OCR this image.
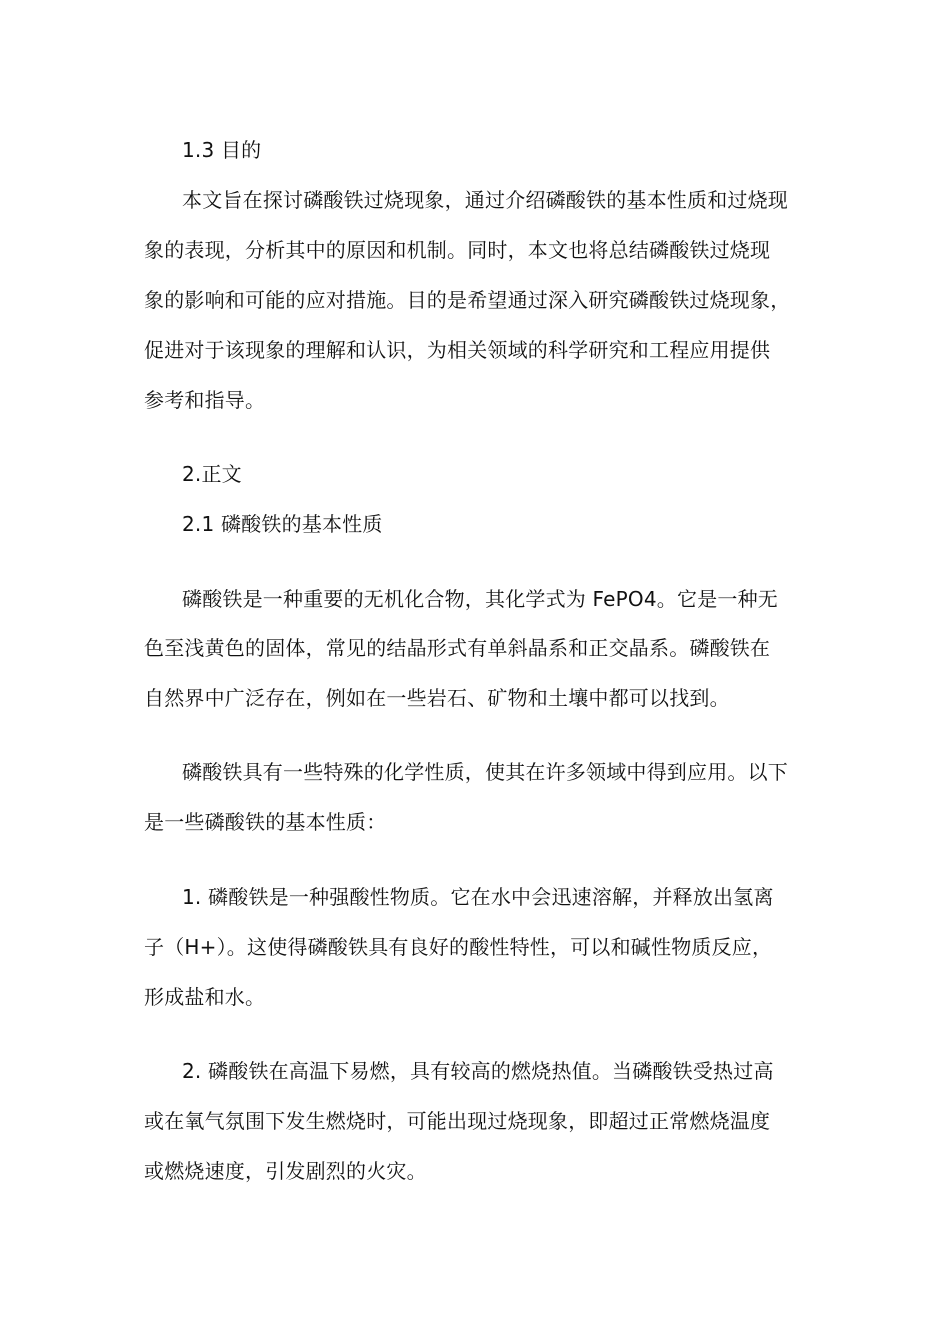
1.3 目的
本文旨在探讨磷酸铁过烧现象，通过介绍磷酸铁的基本性质和过烧现
象的表现，分析其中的原因和机制。同时，本文也将总结磷酸铁过烧现
象的影响和可能的应对措施。目的是希望通过深入研究磷酸铁过烧现象，
促进对于该现象的理解和认识，为相关领域的科学研究和工程应用提供
参考和指导。
2.正文
2.1 磷酸铁的基本性质
磷酸铁是一种重要的无机化合物，其化学式为 FePO4。它是一种无
色至浅黄色的固体，常见的结晶形式有单斜晶系和正交晶系。磷酸铁在
自然界中广泛存在，例如在一些岩石、矿物和土壤中都可以找到。
磷酸铁具有一些特殊的化学性质，使其在许多领域中得到应用。以下
是一些磷酸铁的基本性质：
1. 磷酸铁是一种强酸性物质。它在水中会迅速溶解，并释放出氢离
子（H+）。这使得磷酸铁具有良好的酸性特性，可以和碱性物质反应，
形成盐和水。
2. 磷酸铁在高温下易燃，具有较高的燃烧热值。当磷酸铁受热过高
或在氧气氛围下发生燃烧时，可能出现过烧现象，即超过正常燃烧温度
或燃烧速度，引发剧烈的火灾。
